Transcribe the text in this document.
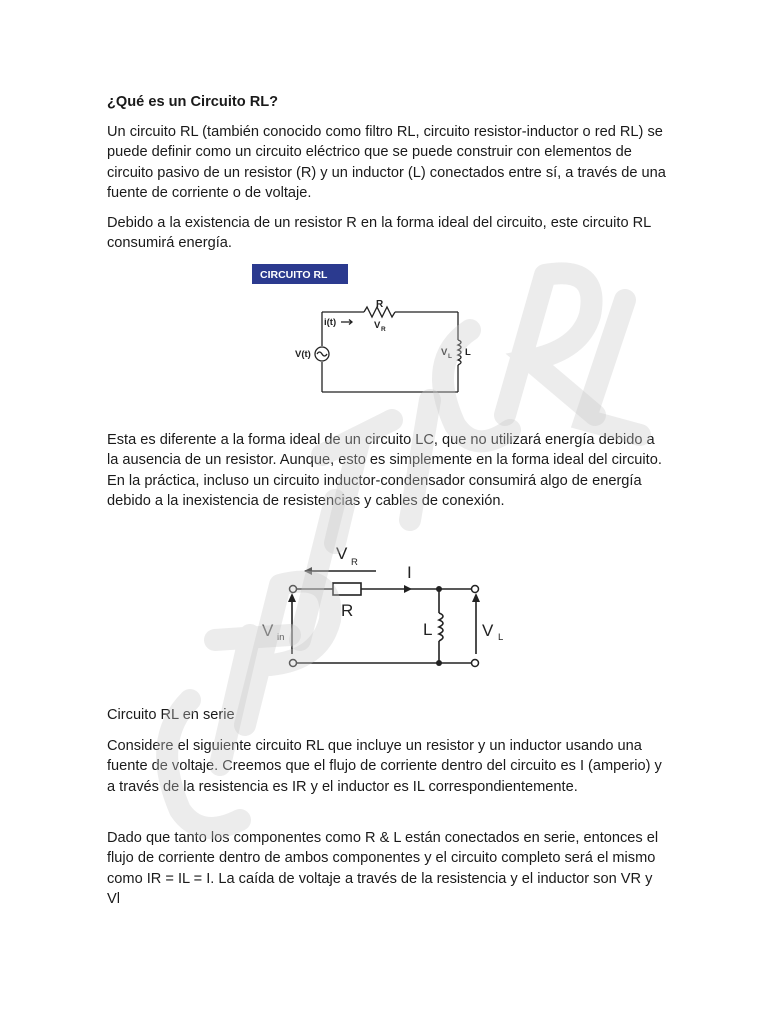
¿Qué es un Circuito RL?

Un circuito RL (también conocido como filtro RL, circuito resistor-inductor o red RL) se puede definir como un circuito eléctrico que se puede construir con elementos de circuito pasivo de un resistor (R) y un inductor (L) conectados entre sí, a través de una fuente de corriente o de voltaje.

Debido a la existencia de un resistor R en la forma ideal del circuito, este circuito RL consumirá energía.

CIRCUITO RL
R
i(t)	V R
V(t)	V L L

Esta es diferente a la forma ideal de un circuito LC, que no utilizará energía debido a la ausencia de un resistor. Aunque, esto es simplemente en la forma ideal del circuito. En la práctica, incluso un circuito inductor-condensador consumirá algo de energía debido a la inexistencia de resistencias y cables de conexión.

V R
I
R
V in	L	V L

Circuito RL en serie

Considere el siguiente circuito RL que incluye un resistor y un inductor usando una fuente de voltaje. Creemos que el flujo de corriente dentro del circuito es I (amperio) y a través de la resistencia es IR y el inductor es IL correspondientemente.

Dado que tanto los componentes como R & L están conectados en serie, entonces el flujo de corriente dentro de ambos componentes y el circuito completo será el mismo como IR = IL = I. La caída de voltaje a través de la resistencia y el inductor son VR y Vl
